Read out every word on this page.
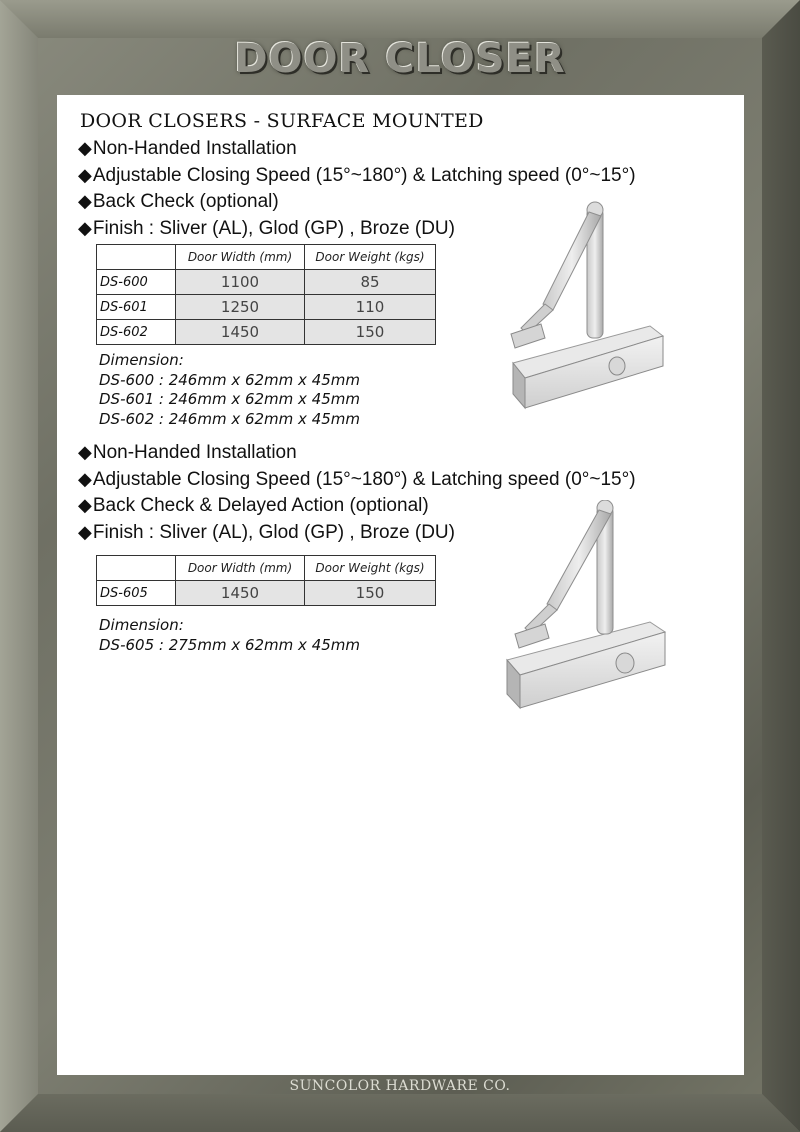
DOOR CLOSER
DOOR CLOSERS - SURFACE MOUNTED
◆Non-Handed Installation
◆Adjustable Closing Speed (15°~180°) & Latching speed (0°~15°)
◆Back Check (optional)
◆Finish : Sliver (AL), Glod (GP) , Broze (DU)
	Door Width (mm)	Door Weight (kgs)
DS-600	1100	85
DS-601	1250	110
DS-602	1450	150
Dimension:
DS-600 : 246mm x 62mm x 45mm
DS-601 : 246mm x 62mm x 45mm
DS-602 : 246mm x 62mm x 45mm
◆Non-Handed Installation
◆Adjustable Closing Speed (15°~180°) & Latching speed (0°~15°)
◆Back Check & Delayed Action (optional)
◆Finish : Sliver (AL), Glod (GP) , Broze (DU)
	Door Width (mm)	Door Weight (kgs)
DS-605	1450	150
Dimension:
DS-605 : 275mm x 62mm x 45mm
SUNCOLOR HARDWARE CO.
